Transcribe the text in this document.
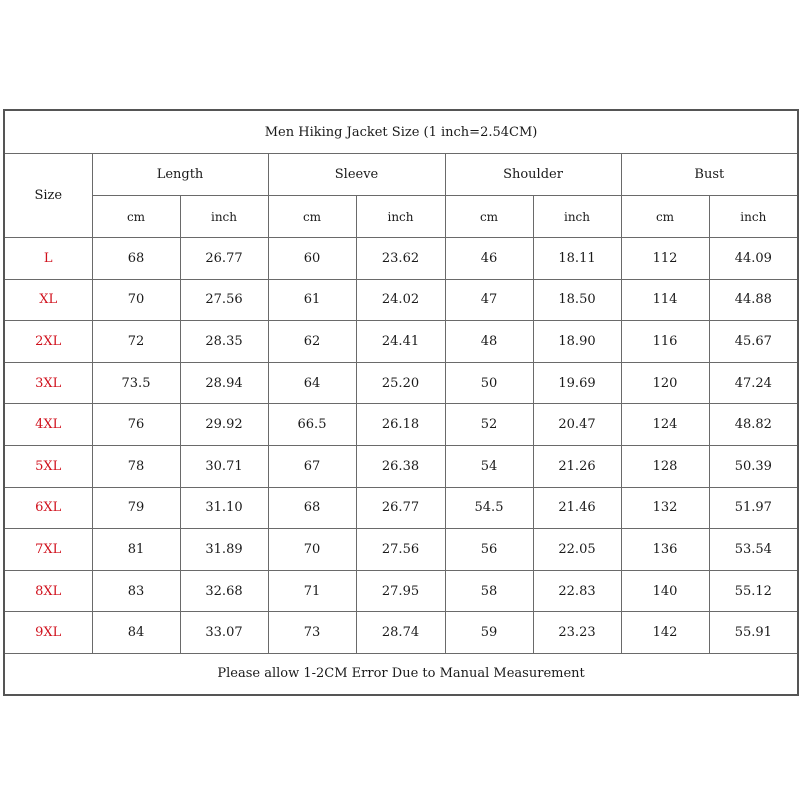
Men Hiking Jacket Size (1 inch=2.54CM)								
Size	Length		Sleeve		Shoulder		Bust	
	cm	inch	cm	inch	cm	inch	cm	inch
L	68	26.77	60	23.62	46	18.11	112	44.09
XL	70	27.56	61	24.02	47	18.50	114	44.88
2XL	72	28.35	62	24.41	48	18.90	116	45.67
3XL	73.5	28.94	64	25.20	50	19.69	120	47.24
4XL	76	29.92	66.5	26.18	52	20.47	124	48.82
5XL	78	30.71	67	26.38	54	21.26	128	50.39
6XL	79	31.10	68	26.77	54.5	21.46	132	51.97
7XL	81	31.89	70	27.56	56	22.05	136	53.54
8XL	83	32.68	71	27.95	58	22.83	140	55.12
9XL	84	33.07	73	28.74	59	23.23	142	55.91
Please allow 1-2CM Error Due to Manual Measurement								
